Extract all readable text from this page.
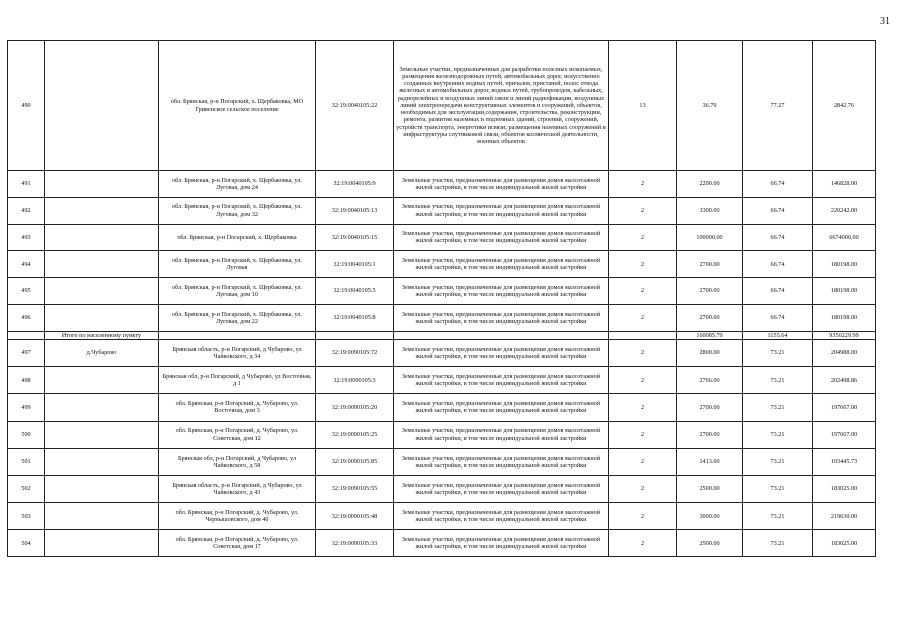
31
490		обл. Брянская, р-н Погарский, х. Щербаковка, МО Гривенское сельское поселение	32:19:0040105:22	Земельные участки, предназначенные для разработки полезных ископаемых, размещения железнодорожных путей, автомобильных дорог, искусственно созданных внутренних водных путей, причалов, пристаней, полос отвода железных и автомобильных дорог, водных путей, трубопроводов, кабельных, радиорелейных и воздушных линий связи и линий радиофикации, воздушных линий электропередачи конструктивных элементов и сооружений, объектов, необходимых для эксплуатации,содержания, строительства, реконструкции, ремонта, развития наземных и подземных зданий, строений, сооружений, устройств транспорта, энергетики исвязи; размещения наземных сооружений и инфраструктуры спутниковой связи, объектов космической деятельности, военных объектов	13	36.79	77.27	2842.76
491		обл. Брянская, р-н Погарский, х. Щербаковка, ул. Луговая, дом 24	32:19:0040105:9	Земельные участки, предназначенные для размещения домов малоэтажной жилой застройки, в том числе индивидуальной жилой застройки	2	2200.00	66.74	146828.00
492		обл. Брянская, р-н Погарский, х. Щербаковка, ул. Луговая, дом 32	32:19:0040105:13	Земельные участки, предназначенные для размещения домов малоэтажной жилой застройки, в том числе индивидуальной жилой застройки	2	3300.00	66.74	220242.00
493		обл. Брянская, р-н Погарский, х. Щербаковка	32:19:0040105:15	Земельные участки, предназначенные для размещения домов малоэтажной жилой застройки, в том числе индивидуальной жилой застройки	2	100000.00	66.74	6674000.00
494		обл. Брянская, р-н Погарский, х. Щербаковка, ул. Луговая	32:19:0040105:1	Земельные участки, предназначенные для размещения домов малоэтажной жилой застройки, в том числе индивидуальной жилой застройки	2	2700.00	66.74	180198.00
495		обл. Брянская, р-н Погарский, х. Щербаковка, ул. Луговая, дом 10	32:19:0040105:5	Земельные участки, предназначенные для размещения домов малоэтажной жилой застройки, в том числе индивидуальной жилой застройки	2	2700.00	66.74	180198.00
496		обл. Брянская, р-н Погарский, х. Щербаковка, ул. Луговая, дом 22	32:19:0040105:8	Земельные участки, предназначенные для размещения домов малоэтажной жилой застройки, в том числе индивидуальной жилой застройки	2	2700.00	66.74	180198.00
	Итого по населенному пункту					160085.79	1155.64	9350229.99
497	д.Чубарово	Брянская область, р-н Погарский, д Чубарово, ул Чайковского, д 34	32:19:0090105:72	Земельные участки, предназначенные для размещения домов малоэтажной жилой застройки, в том числе индивидуальной жилой застройки	2	2800.00	73.21	204988.00
498		Брянская обл, р-н Погарский, д Чубарово, ул Восточная, д 1	32:19:0090105:3	Земельные участки, предназначенные для размещения домов малоэтажной жилой застройки, в том числе индивидуальной жилой застройки	2	2766.00	73.21	202498.86
499		обл. Брянская, р-н Погарский, д. Чубарово, ул. Восточная, дом 3	32:19:0090105:20	Земельные участки, предназначенные для размещения домов малоэтажной жилой застройки, в том числе индивидуальной жилой застройки	2	2700.00	73.21	197667.00
500		обл. Брянская, р-н Погарский, д. Чубарово, ул. Советская, дом 12	32:19:0090105:25	Земельные участки, предназначенные для размещения домов малоэтажной жилой застройки, в том числе индивидуальной жилой застройки	2	2700.00	73.21	197667.00
501		Брянская обл, р-н Погарский, д Чубарово, ул Чайковского, д 58	32:19:0090105:85	Земельные участки, предназначенные для размещения домов малоэтажной жилой застройки, в том числе индивидуальной жилой застройки	2	1413.00	73.21	103445.73
502		Брянская область, р-н Погарский, д Чубарово, ул Чайковского, д 43	32:19:0090105:55	Земельные участки, предназначенные для размещения домов малоэтажной жилой застройки, в том числе индивидуальной жилой застройки	2	2500.00	73.21	183025.00
503		обл. Брянская, р-н Погарский, д. Чубарово, ул. Чернышовского, дом 40	32:19:0090105:48	Земельные участки, предназначенные для размещения домов малоэтажной жилой застройки, в том числе индивидуальной жилой застройки	2	3000.00	73.21	219630.00
504		обл. Брянская, р-н Погарский, д. Чубарово, ул. Советская, дом 17	32:19:0090105:33	Земельные участки, предназначенные для размещения домов малоэтажной жилой застройки, в том числе индивидуальной жилой застройки	2	2500.00	73.21	183025.00
